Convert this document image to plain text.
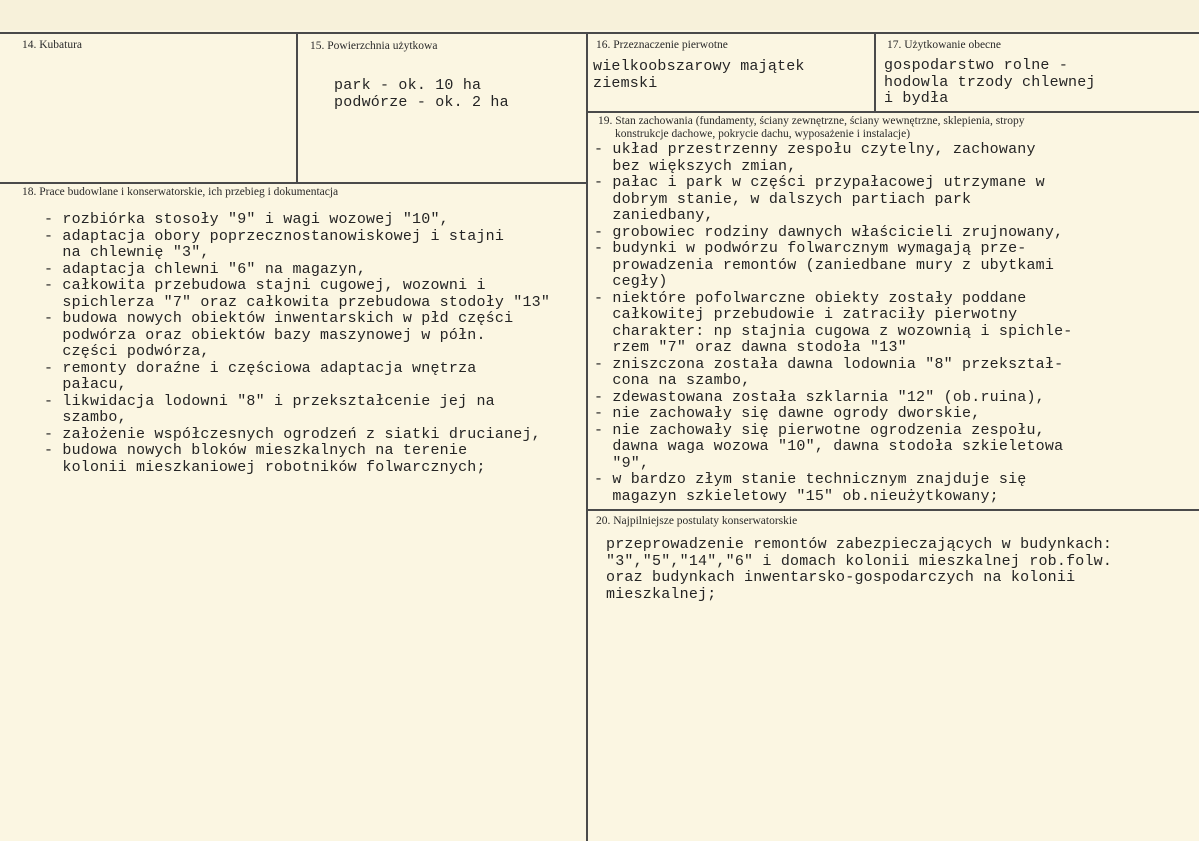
14. Kubatura	15. Powierzchnia użytkowa
park - ok. 10 ha
podwórze - ok. 2 ha
16. Przeznaczenie pierwotne
wielkoobszarowy majątek
ziemski
17. Użytkowanie obecne
gospodarstwo rolne -
hodowla trzody chlewnej
i bydła
18. Prace budowlane i konserwatorskie, ich przebieg i dokumentacja
- rozbiórka stosoły "9" i wagi wozowej "10",
- adaptacja obory poprzecznostanowiskowej i stajni
na chlewnię "3",
- adaptacja chlewni "6" na magazyn,
- całkowita przebudowa stajni cugowej, wozowni i
spichlerza "7" oraz całkowita przebudowa stodoły "13"
- budowa nowych obiektów inwentarskich w płd części
podwórza oraz obiektów bazy maszynowej w półn.
części podwórza,
- remonty doraźne i częściowa adaptacja wnętrza
pałacu,
- likwidacja lodowni "8" i przekształcenie jej na
szambo,
- założenie współczesnych ogrodzeń z siatki drucianej,
- budowa nowych bloków mieszkalnych na terenie
kolonii mieszkaniowej robotników folwarcznych;
19. Stan zachowania (fundamenty, ściany zewnętrzne, ściany wewnętrzne, sklepienia, stropy
konstrukcje dachowe, pokrycie dachu, wyposażenie i instalacje)
- układ przestrzenny zespołu czytelny, zachowany
bez większych zmian,
- pałac i park w części przypałacowej utrzymane w
dobrym stanie, w dalszych partiach park
zaniedbany,
- grobowiec rodziny dawnych właścicieli zrujnowany,
- budynki w podwórzu folwarcznym wymagają prze-
prowadzenia remontów (zaniedbane mury z ubytkami
cegły)
- niektóre pofolwarczne obiekty zostały poddane
całkowitej przebudowie i zatraciły pierwotny
charakter: np stajnia cugowa z wozownią i spichle-
rzem "7" oraz dawna stodoła "13"
- zniszczona została dawna lodownia "8" przekształ-
cona na szambo,
- zdewastowana została szklarnia "12" (ob.ruina),
- nie zachowały się dawne ogrody dworskie,
- nie zachowały się pierwotne ogrodzenia zespołu,
dawna waga wozowa "10", dawna stodoła szkieletowa
"9",
- w bardzo złym stanie technicznym znajduje się
magazyn szkieletowy "15" ob.nieużytkowany;
20. Najpilniejsze postulaty konserwatorskie
przeprowadzenie remontów zabezpieczających w budynkach:
"3","5","14","6" i domach kolonii mieszkalnej rob.folw.
oraz budynkach inwentarsko-gospodarczych na kolonii
mieszkalnej;
